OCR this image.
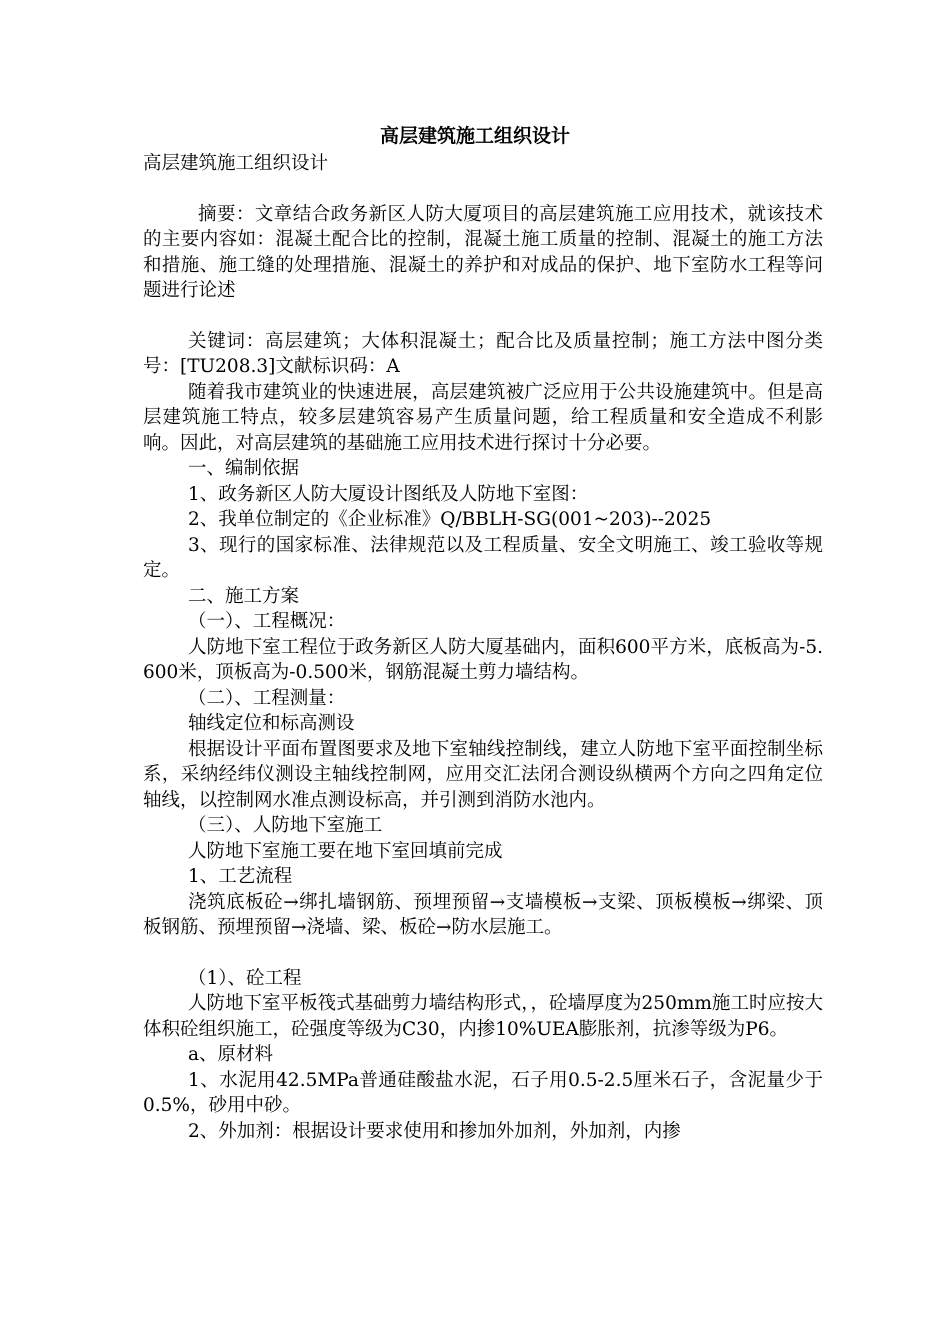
高层建筑施工组织设计

高层建筑施工组织设计

摘要：文章结合政务新区人防大厦项目的高层建筑施工应用技术，就该技术的主要内容如：混凝土配合比的控制，混凝土施工质量的控制、混凝土的施工方法和措施、施工缝的处理措施、混凝土的养护和对成品的保护、地下室防水工程等问题进行论述

关键词：高层建筑；大体积混凝土；配合比及质量控制；施工方法中图分类号：[TU208.3]文献标识码：A

随着我市建筑业的快速进展，高层建筑被广泛应用于公共设施建筑中。但是高层建筑施工特点，较多层建筑容易产生质量问题，给工程质量和安全造成不利影响。因此，对高层建筑的基础施工应用技术进行探讨十分必要。

一、编制依据

1、政务新区人防大厦设计图纸及人防地下室图：

2、我单位制定的《企业标准》Q/BBLH-SG(001~203)--2025

3、现行的国家标准、法律规范以及工程质量、安全文明施工、竣工验收等规定。

二、施工方案

（一）、工程概况：

人防地下室工程位于政务新区人防大厦基础内，面积600平方米，底板高为-5.600米，顶板高为-0.500米，钢筋混凝土剪力墙结构。

（二）、工程测量：

轴线定位和标高测设

根据设计平面布置图要求及地下室轴线控制线，建立人防地下室平面控制坐标系，采纳经纬仪测设主轴线控制网，应用交汇法闭合测设纵横两个方向之四角定位轴线，以控制网水准点测设标高，并引测到消防水池内。

（三）、人防地下室施工

人防地下室施工要在地下室回填前完成

1、工艺流程

浇筑底板砼→绑扎墙钢筋、预埋预留→支墙模板→支梁、顶板模板→绑梁、顶板钢筋、预埋预留→浇墙、梁、板砼→防水层施工。

（1）、砼工程

人防地下室平板筏式基础剪力墙结构形式，，砼墙厚度为250mm施工时应按大体积砼组织施工，砼强度等级为C30，内掺10%UEA膨胀剂，抗渗等级为P6。

a、原材料

1、水泥用42.5MPa普通硅酸盐水泥，石子用0.5-2.5厘米石子，含泥量少于0.5%，砂用中砂。

2、外加剂：根据设计要求使用和掺加外加剂，外加剂，内掺
